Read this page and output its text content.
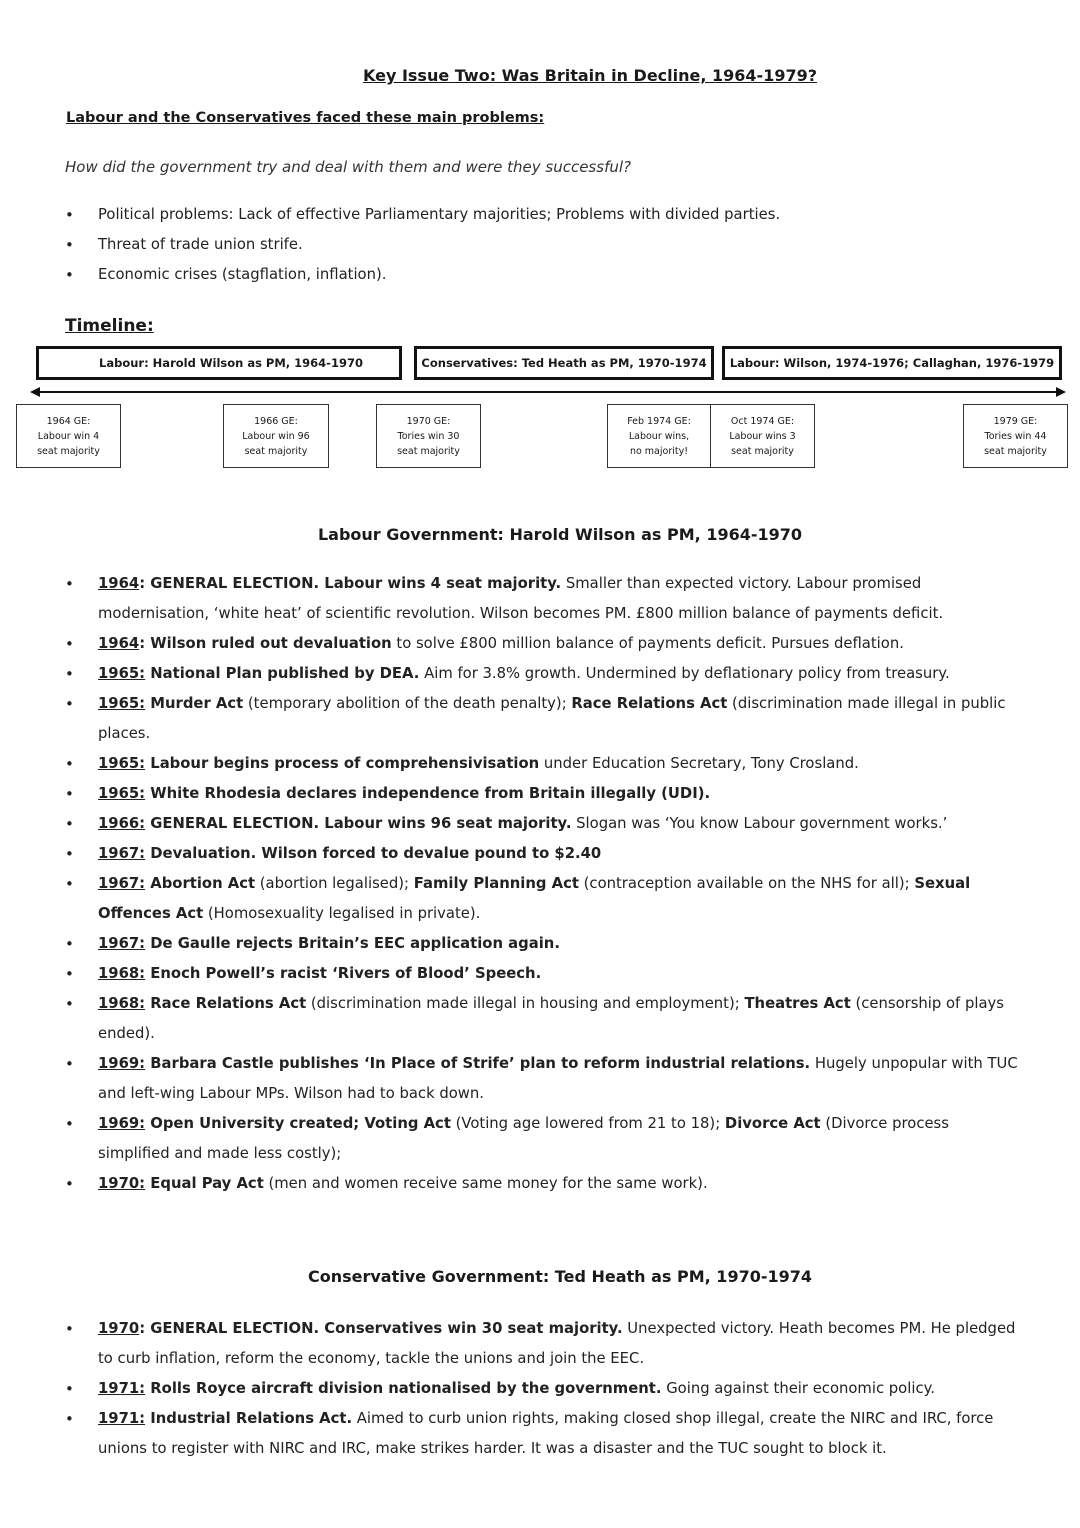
Key Issue Two: Was Britain in Decline, 1964-1979?
Labour and the Conservatives faced these main problems:
How did the government try and deal with them and were they successful?
• Political problems: Lack of effective Parliamentary majorities; Problems with divided parties.
• Threat of trade union strife.
• Economic crises (stagflation, inflation).
Timeline:
Labour: Harold Wilson as PM, 1964-1970	Conservatives: Ted Heath as PM, 1970-1974	Labour: Wilson, 1974-1976; Callaghan, 1976-1979
1964 GE:
Labour win 4
seat majority
1966 GE:
Labour win 96
seat majority
1970 GE:
Tories win 30
seat majority
Feb 1974 GE:
Labour wins,
no majority!
Oct 1974 GE:
Labour wins 3
seat majority
1979 GE:
Tories win 44
seat majority
Labour Government: Harold Wilson as PM, 1964-1970
• 1964: GENERAL ELECTION. Labour wins 4 seat majority. Smaller than expected victory. Labour promised modernisation, ‘white heat’ of scientific revolution. Wilson becomes PM. £800 million balance of payments deficit.
• 1964: Wilson ruled out devaluation to solve £800 million balance of payments deficit. Pursues deflation.
• 1965: National Plan published by DEA. Aim for 3.8% growth. Undermined by deflationary policy from treasury.
• 1965: Murder Act (temporary abolition of the death penalty); Race Relations Act (discrimination made illegal in public places.
• 1965: Labour begins process of comprehensivisation under Education Secretary, Tony Crosland.
• 1965: White Rhodesia declares independence from Britain illegally (UDI).
• 1966: GENERAL ELECTION. Labour wins 96 seat majority. Slogan was ‘You know Labour government works.’
• 1967: Devaluation. Wilson forced to devalue pound to $2.40
• 1967: Abortion Act (abortion legalised); Family Planning Act (contraception available on the NHS for all); Sexual Offences Act (Homosexuality legalised in private).
• 1967: De Gaulle rejects Britain’s EEC application again.
• 1968: Enoch Powell’s racist ‘Rivers of Blood’ Speech.
• 1968: Race Relations Act (discrimination made illegal in housing and employment); Theatres Act (censorship of plays ended).
• 1969: Barbara Castle publishes ‘In Place of Strife’ plan to reform industrial relations. Hugely unpopular with TUC and left-wing Labour MPs. Wilson had to back down.
• 1969: Open University created; Voting Act (Voting age lowered from 21 to 18); Divorce Act (Divorce process simplified and made less costly);
• 1970: Equal Pay Act (men and women receive same money for the same work).
Conservative Government: Ted Heath as PM, 1970-1974
• 1970: GENERAL ELECTION. Conservatives win 30 seat majority. Unexpected victory. Heath becomes PM. He pledged to curb inflation, reform the economy, tackle the unions and join the EEC.
• 1971: Rolls Royce aircraft division nationalised by the government. Going against their economic policy.
• 1971: Industrial Relations Act. Aimed to curb union rights, making closed shop illegal, create the NIRC and IRC, force unions to register with NIRC and IRC, make strikes harder. It was a disaster and the TUC sought to block it.
